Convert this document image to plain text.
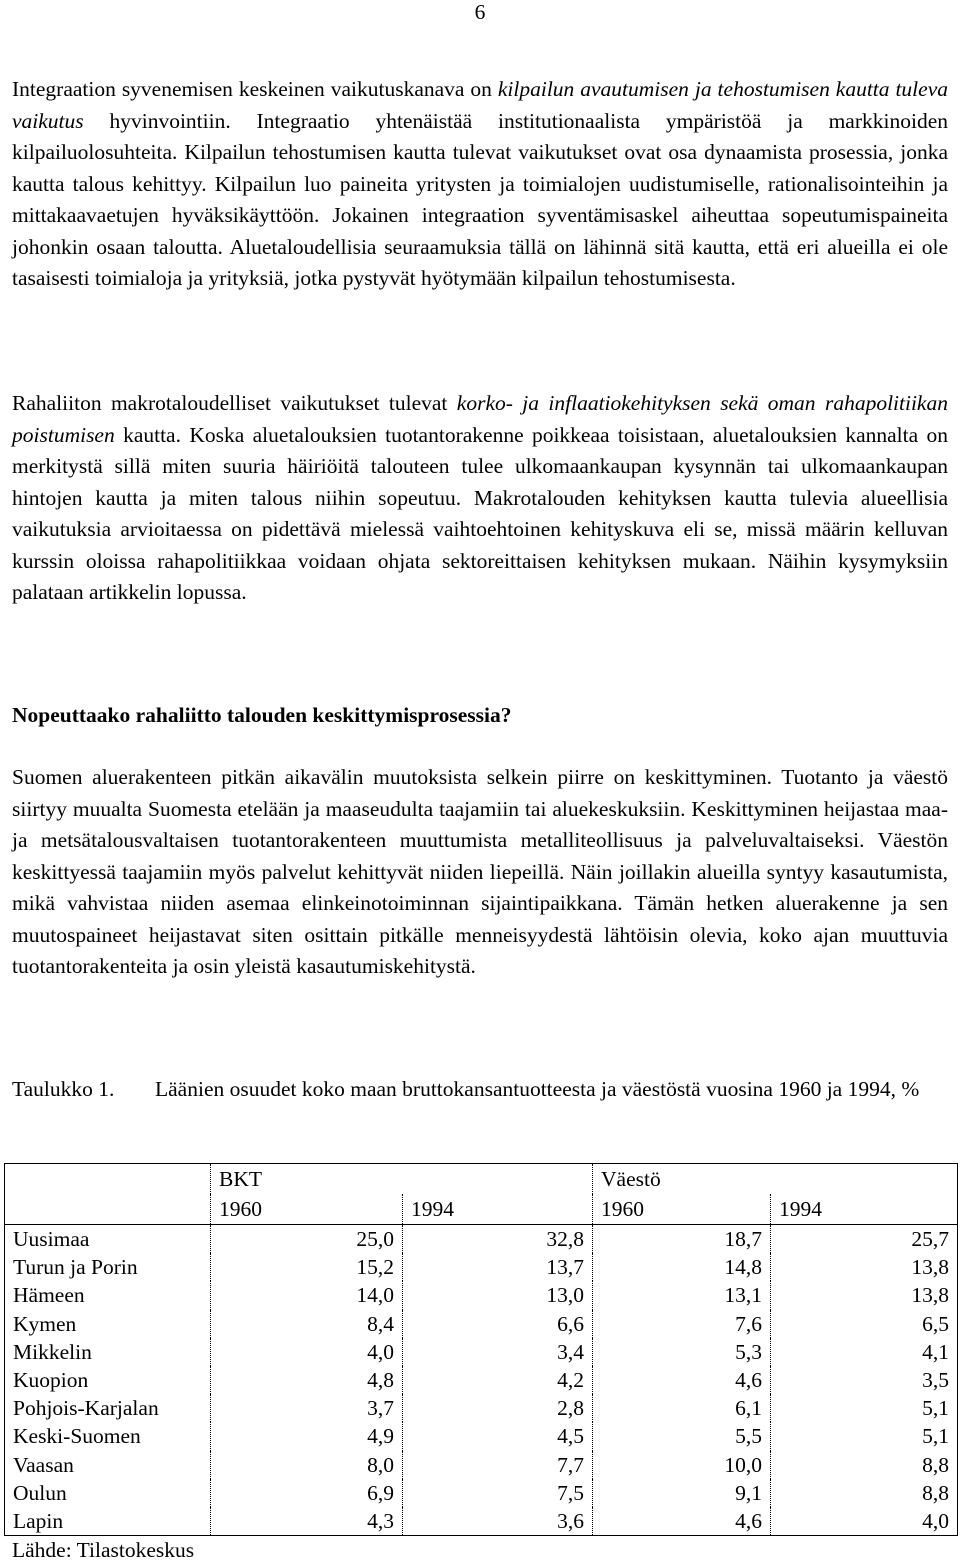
6

Integraation syvenemisen keskeinen vaikutuskanava on kilpailun avautumisen ja tehostumisen kautta tuleva vaikutus hyvinvointiin. Integraatio yhtenäistää institutionaalista ympäristöä ja markkinoiden kilpailuolosuhteita. Kilpailun tehostumisen kautta tulevat vaikutukset ovat osa dynaamista prosessia, jonka kautta talous kehittyy. Kilpailun luo paineita yritysten ja toimialojen uudistumiselle, rationalisointeihin ja mittakaavaetujen hyväksikäyttöön. Jokainen integraation syventämisaskel aiheuttaa sopeutumispaineita johonkin osaan taloutta. Aluetaloudellisia seuraamuksia tällä on lähinnä sitä kautta, että eri alueilla ei ole tasaisesti toimialoja ja yrityksiä, jotka pystyvät hyötymään kilpailun tehostumisesta.

Rahaliiton makrotaloudelliset vaikutukset tulevat korko- ja inflaatiokehityksen sekä oman rahapolitiikan poistumisen kautta. Koska aluetalouksien tuotantorakenne poikkeaa toisistaan, aluetalouksien kannalta on merkitystä sillä miten suuria häiriöitä talouteen tulee ulkomaankaupan kysynnän tai ulkomaankaupan hintojen kautta ja miten talous niihin sopeutuu. Makrotalouden kehityksen kautta tulevia alueellisia vaikutuksia arvioitaessa on pidettävä mielessä vaihtoehtoinen kehityskuva eli se, missä määrin kelluvan kurssin oloissa rahapolitiikkaa voidaan ohjata sektoreittaisen kehityksen mukaan. Näihin kysymyksiin palataan artikkelin lopussa.

Nopeuttaako rahaliitto talouden keskittymisprosessia?

Suomen aluerakenteen pitkän aikavälin muutoksista selkein piirre on keskittyminen. Tuotanto ja väestö siirtyy muualta Suomesta etelään ja maaseudulta taajamiin tai aluekeskuksiin. Keskittyminen heijastaa maa- ja metsätalousvaltaisen tuotantorakenteen muuttumista metalliteollisuus ja palveluvaltaiseksi. Väestön keskittyessä taajamiin myös palvelut kehittyvät niiden liepeillä. Näin joillakin alueilla syntyy kasautumista, mikä vahvistaa niiden asemaa elinkeinotoiminnan sijaintipaikkana. Tämän hetken aluerakenne ja sen muutospaineet heijastavat siten osittain pitkälle menneisyydestä lähtöisin olevia, koko ajan muuttuvia tuotantorakenteita ja osin yleistä kasautumiskehitystä.

Taulukko 1. Läänien osuudet koko maan bruttokansantuotteesta ja väestöstä vuosina 1960 ja 1994, %
	BKT		Väestö	
	1960	1994	1960	1994
Uusimaa	25,0	32,8	18,7	25,7
Turun ja Porin	15,2	13,7	14,8	13,8
Hämeen	14,0	13,0	13,1	13,8
Kymen	8,4	6,6	7,6	6,5
Mikkelin	4,0	3,4	5,3	4,1
Kuopion	4,8	4,2	4,6	3,5
Pohjois-Karjalan	3,7	2,8	6,1	5,1
Keski-Suomen	4,9	4,5	5,5	5,1
Vaasan	8,0	7,7	10,0	8,8
Oulun	6,9	7,5	9,1	8,8
Lapin	4,3	3,6	4,6	4,0
Lähde: Tilastokeskus
